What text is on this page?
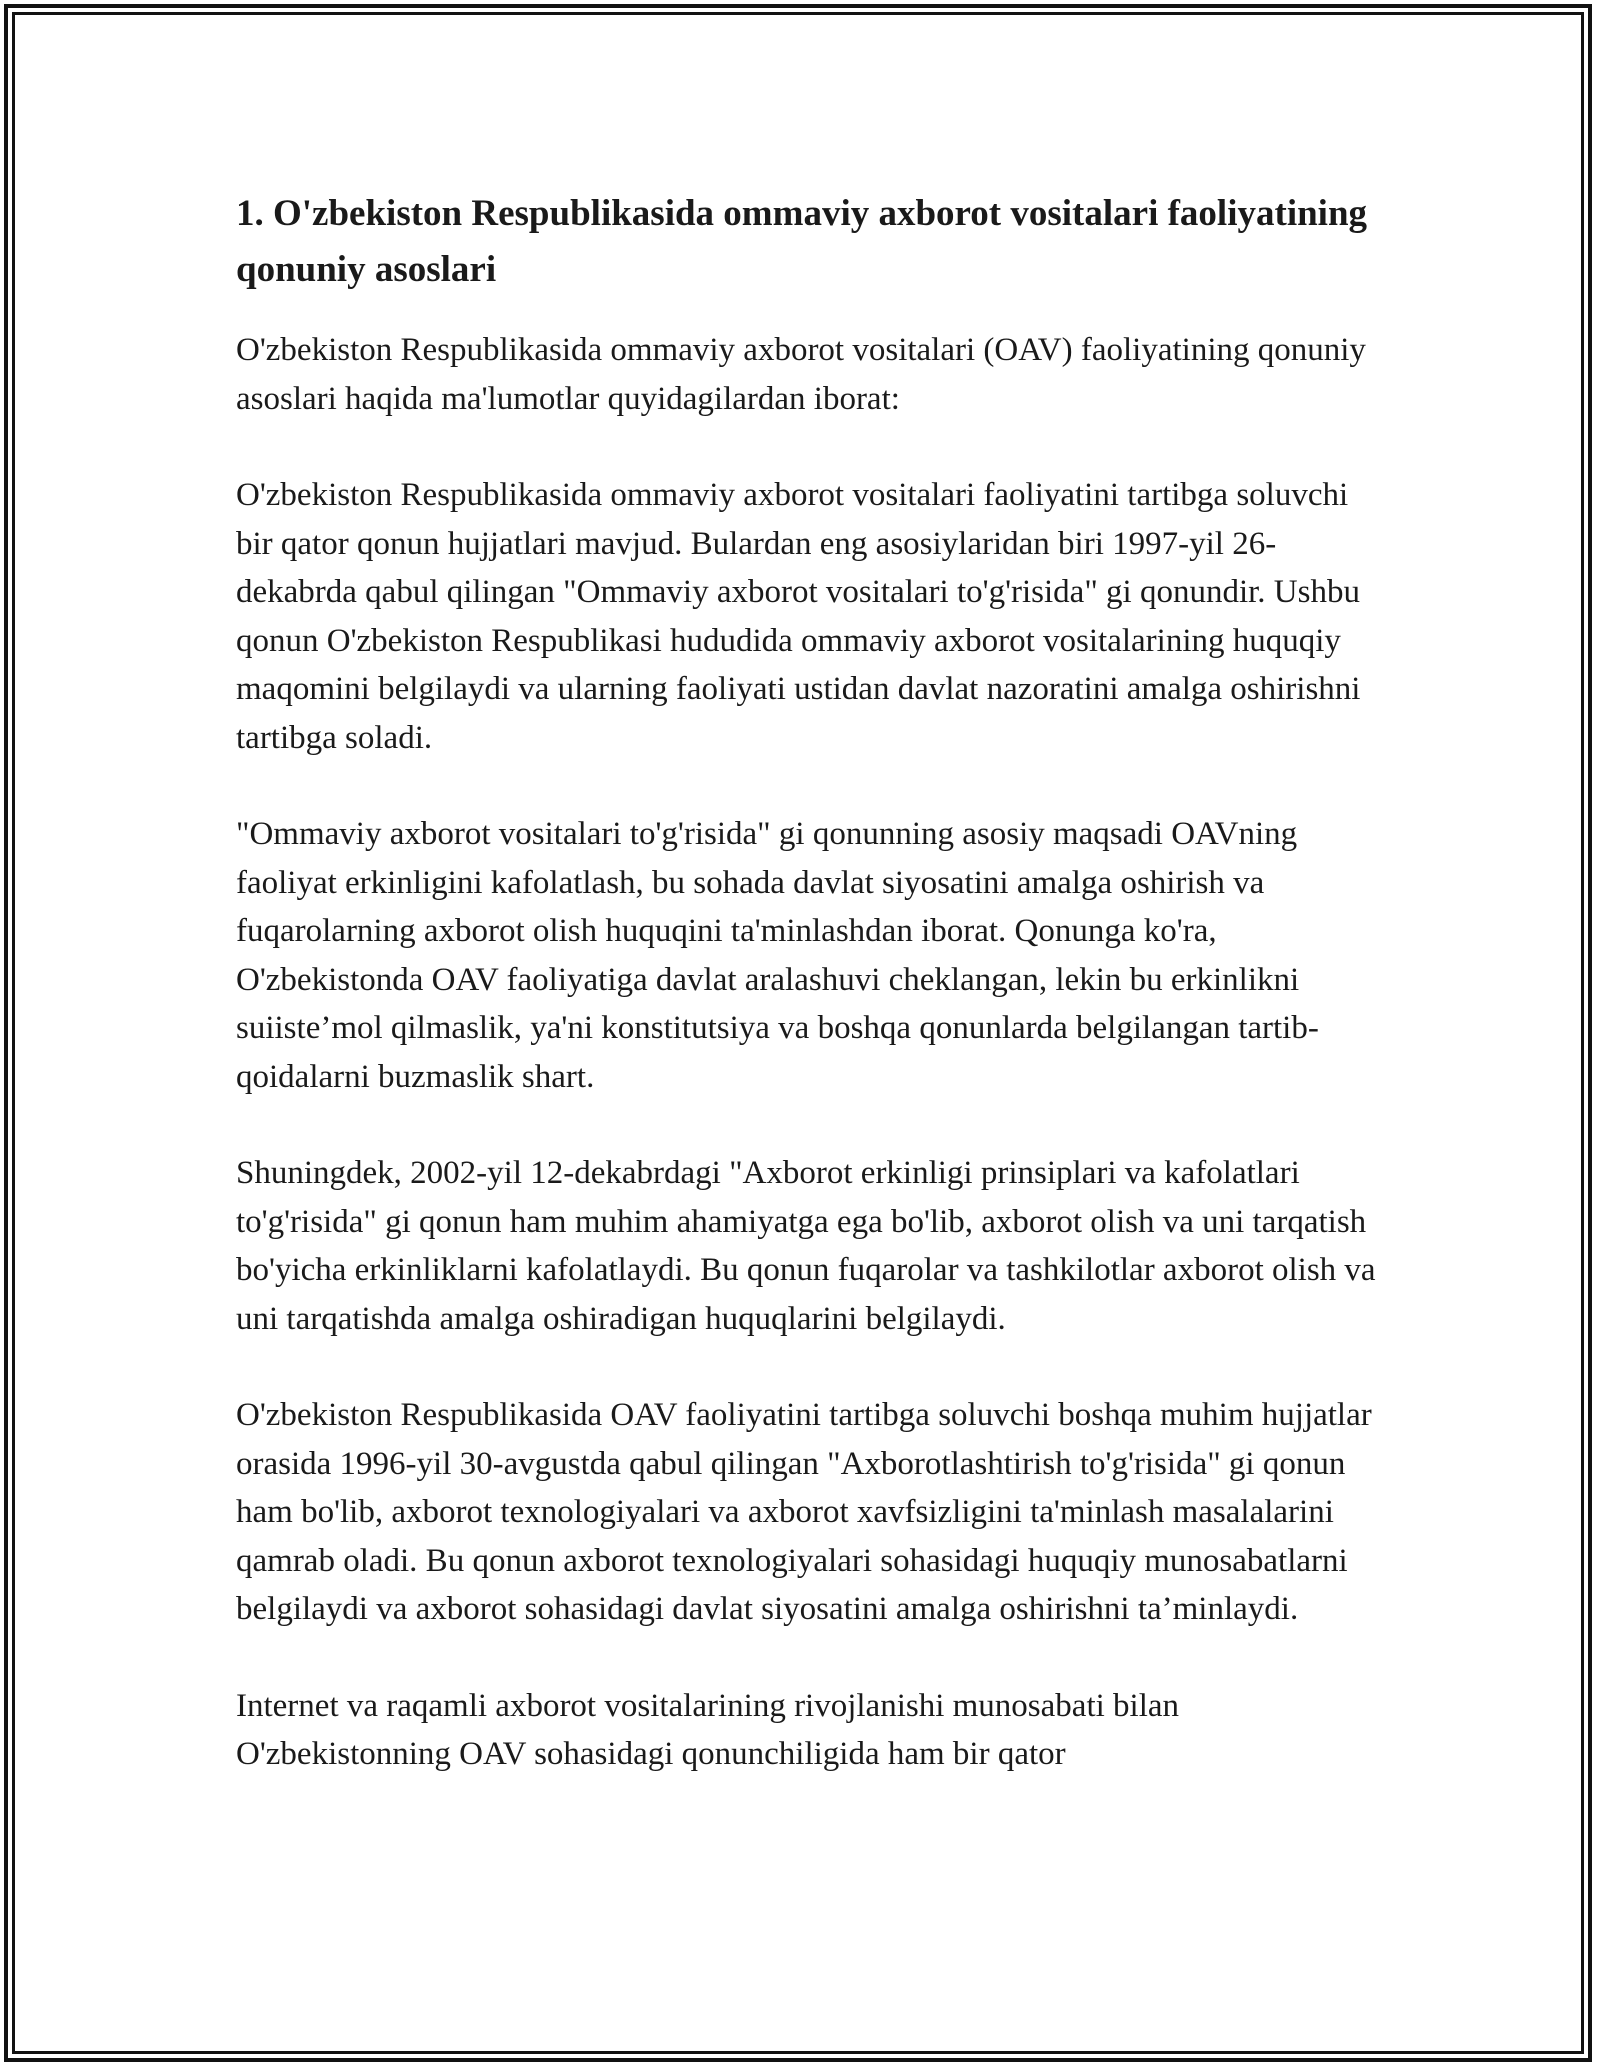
1. O'zbekiston Respublikasida ommaviy axborot vositalari faoliyatining qonuniy asoslari

O'zbekiston Respublikasida ommaviy axborot vositalari (OAV) faoliyatining qonuniy asoslari haqida ma'lumotlar quyidagilardan iborat:

O'zbekiston Respublikasida ommaviy axborot vositalari faoliyatini tartibga soluvchi bir qator qonun hujjatlari mavjud. Bulardan eng asosiylaridan biri 1997-yil 26-dekabrda qabul qilingan "Ommaviy axborot vositalari to'g'risida" gi qonundir. Ushbu qonun O'zbekiston Respublikasi hududida ommaviy axborot vositalarining huquqiy maqomini belgilaydi va ularning faoliyati ustidan davlat nazoratini amalga oshirishni tartibga soladi.

"Ommaviy axborot vositalari to'g'risida" gi qonunning asosiy maqsadi OAVning faoliyat erkinligini kafolatlash, bu sohada davlat siyosatini amalga oshirish va fuqarolarning axborot olish huquqini ta'minlashdan iborat. Qonunga ko'ra, O'zbekistonda OAV faoliyatiga davlat aralashuvi cheklangan, lekin bu erkinlikni suiiste’mol qilmaslik, ya'ni konstitutsiya va boshqa qonunlarda belgilangan tartib-qoidalarni buzmaslik shart.

Shuningdek, 2002-yil 12-dekabrdagi "Axborot erkinligi prinsiplari va kafolatlari to'g'risida" gi qonun ham muhim ahamiyatga ega bo'lib, axborot olish va uni tarqatish bo'yicha erkinliklarni kafolatlaydi. Bu qonun fuqarolar va tashkilotlar axborot olish va uni tarqatishda amalga oshiradigan huquqlarini belgilaydi.

O'zbekiston Respublikasida OAV faoliyatini tartibga soluvchi boshqa muhim hujjatlar orasida 1996-yil 30-avgustda qabul qilingan "Axborotlashtirish to'g'risida" gi qonun ham bo'lib, axborot texnologiyalari va axborot xavfsizligini ta'minlash masalalarini qamrab oladi. Bu qonun axborot texnologiyalari sohasidagi huquqiy munosabatlarni belgilaydi va axborot sohasidagi davlat siyosatini amalga oshirishni ta’minlaydi.

Internet va raqamli axborot vositalarining rivojlanishi munosabati bilan O'zbekistonning OAV sohasidagi qonunchiligida ham bir qator
